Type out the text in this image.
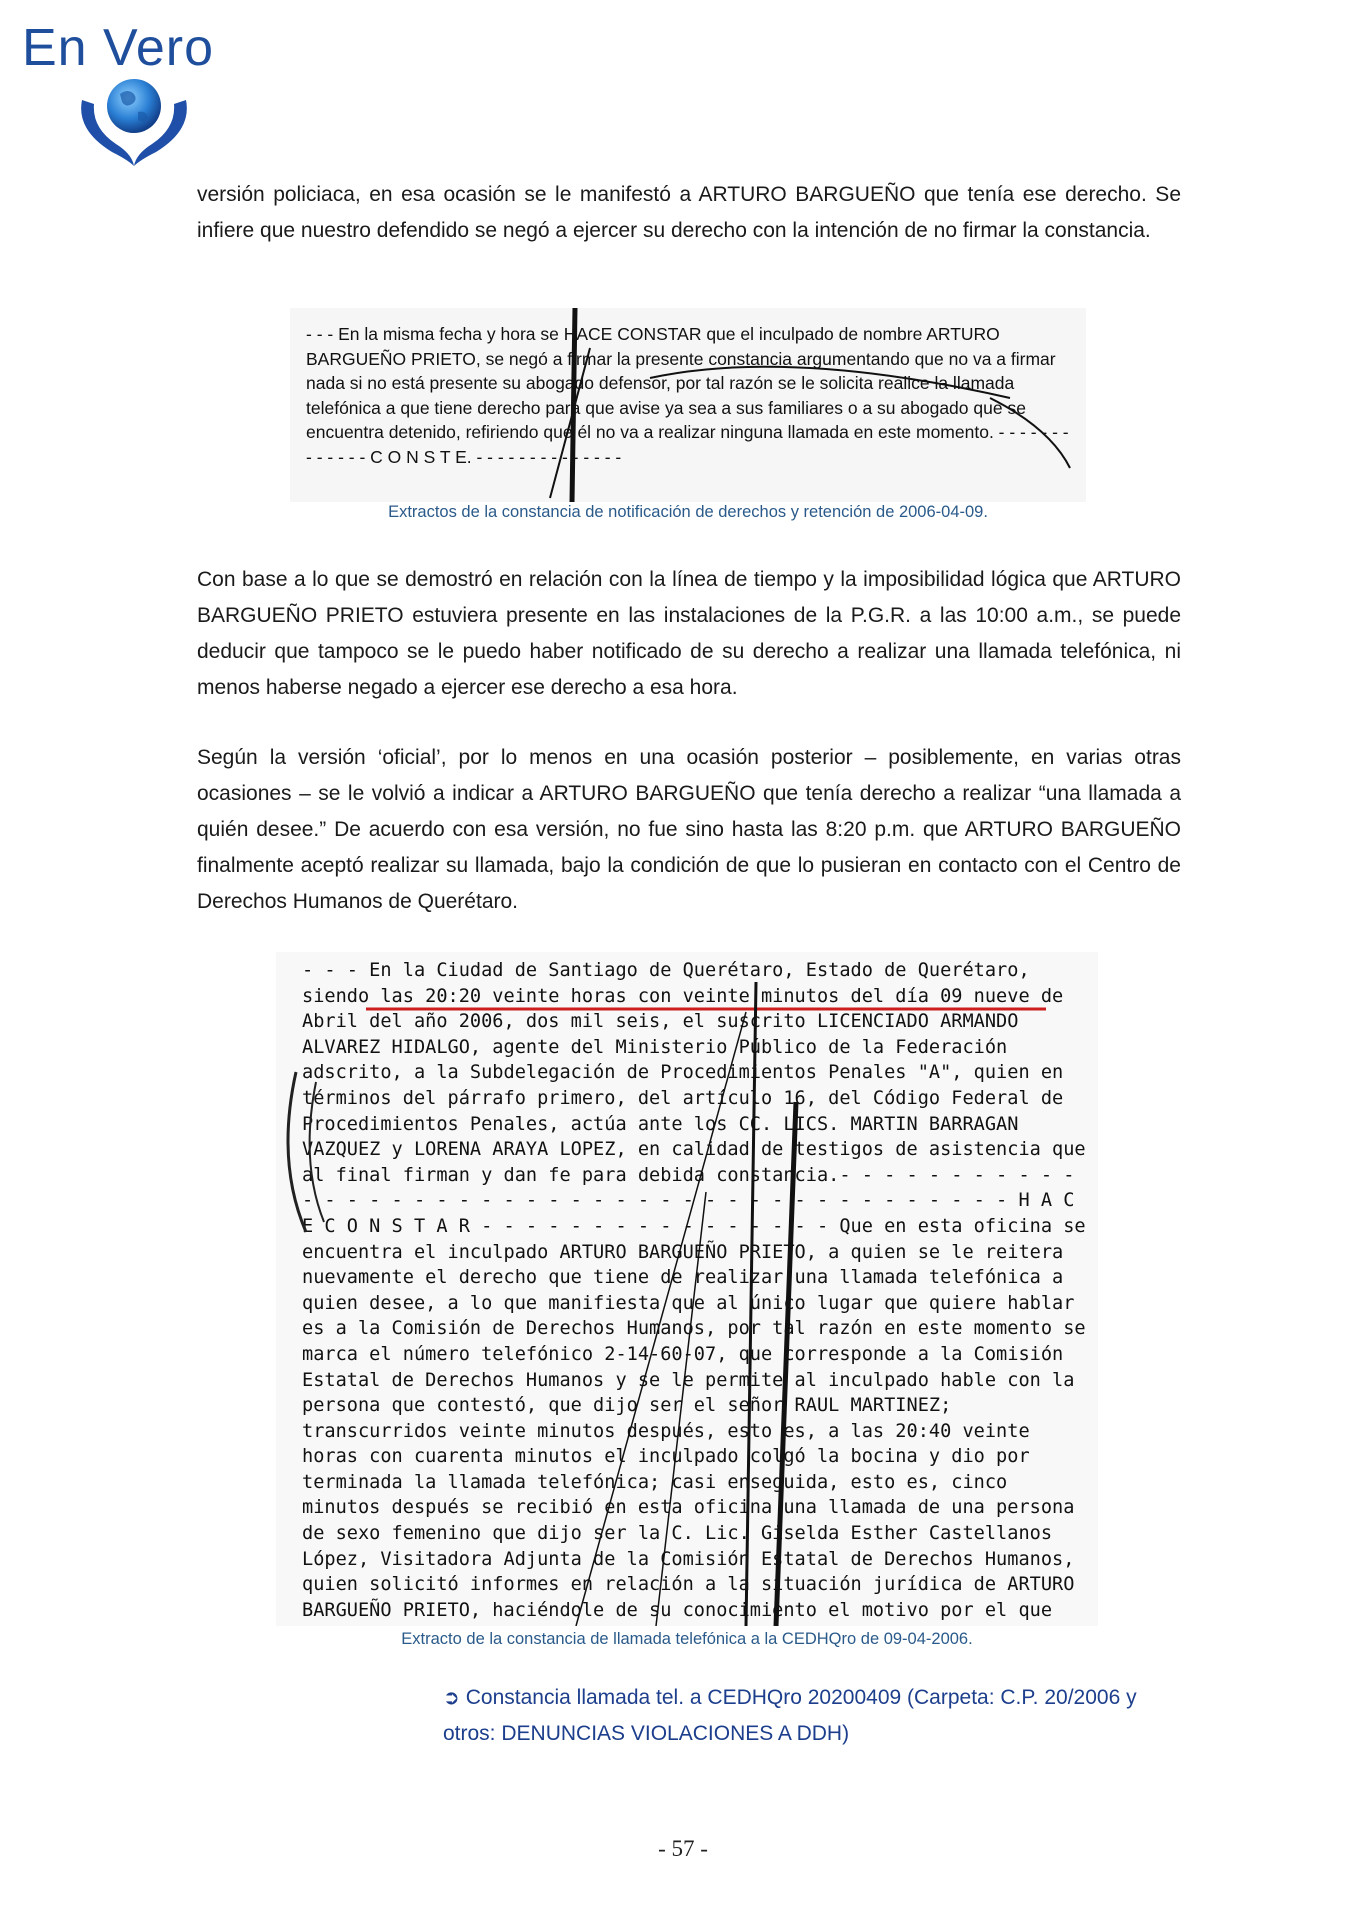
En Vero
versión policiaca, en esa ocasión se le manifestó a ARTURO BARGUEÑO que tenía ese derecho. Se infiere que nuestro defendido se negó a ejercer su derecho con la intención de no firmar la constancia.
- - - En la misma fecha y hora se HACE CONSTAR que el inculpado de nombre ARTURO BARGUEÑO PRIETO, se negó a firmar la presente constancia argumentando que no va a firmar nada si no está presente su abogado defensor, por tal razón se le solicita realice la llamada telefónica a que tiene derecho para que avise ya sea a sus familiares o a su abogado que se encuentra detenido, refiriendo que él no va a realizar ninguna llamada en este momento. - - - - - - - - - - - - - C O N S T E. - - - - - - - - - - - - - -
Extractos de la constancia de notificación de derechos y retención de 2006-04-09.
Con base a lo que se demostró en relación con la línea de tiempo y la imposibilidad lógica que ARTURO BARGUEÑO PRIETO estuviera presente en las instalaciones de la P.G.R. a las 10:00 a.m., se puede deducir que tampoco se le puedo haber notificado de su derecho a realizar una llamada telefónica, ni menos haberse negado a ejercer ese derecho a esa hora.
Según la versión ‘oficial’, por lo menos en una ocasión posterior – posiblemente, en varias otras ocasiones – se le volvió a indicar a ARTURO BARGUEÑO que tenía derecho a realizar “una llamada a quién desee.” De acuerdo con esa versión, no fue sino hasta las 8:20 p.m. que ARTURO BARGUEÑO finalmente aceptó realizar su llamada, bajo la condición de que lo pusieran en contacto con el Centro de Derechos Humanos de Querétaro.
- - - En la Ciudad de Santiago de Querétaro, Estado de Querétaro, siendo las 20:20 veinte horas con veinte minutos del día 09 nueve de Abril del año 2006, dos mil seis, el suscrito LICENCIADO ARMANDO ALVAREZ HIDALGO, agente del Ministerio Público de la Federación adscrito, a la Subdelegación de Procedimientos Penales "A", quien en términos del párrafo primero, del artículo 16, del Código Federal de Procedimientos Penales, actúa ante los CC. LICS. MARTIN BARRAGAN VAZQUEZ y LORENA ARAYA LOPEZ, en calidad de testigos de asistencia que al final firman y dan fe para debida constancia.- - - - - - - - - - - - - - - - - - - - - - - - - - - - - - - - - - - - - - - - - - - H A C E C O N S T A R - - - - - - - - - - - - - - - - Que en esta oficina se encuentra el inculpado ARTURO BARGUEÑO PRIETO, a quien se le reitera nuevamente el derecho que tiene de realizar una llamada telefónica a quien desee, a lo que manifiesta que al único lugar que quiere hablar es a la Comisión de Derechos Humanos, por tal razón en este momento se marca el número telefónico 2-14-60-07, que corresponde a la Comisión Estatal de Derechos Humanos y se le permite al inculpado hable con la persona que contestó, que dijo ser el señor RAUL MARTINEZ; transcurridos veinte minutos después, esto es, a las 20:40 veinte horas con cuarenta minutos el inculpado colgó la bocina y dio por terminada la llamada telefónica; casi enseguida, esto es, cinco minutos después se recibió en esta oficina una llamada de una persona de sexo femenino que dijo ser la C. Lic. Giselda Esther Castellanos López, Visitadora Adjunta de la Comisión Estatal de Derechos Humanos, quien solicitó informes en relación a la situación jurídica de ARTURO BARGUEÑO PRIETO, haciéndole de su conocimiento el motivo por el que
Extracto de la constancia de llamada telefónica a la CEDHQro de 09-04-2006.
➲ Constancia llamada tel. a CEDHQro 20200409 (Carpeta: C.P. 20/2006 y otros: DENUNCIAS VIOLACIONES A DDH)
- 57 -
